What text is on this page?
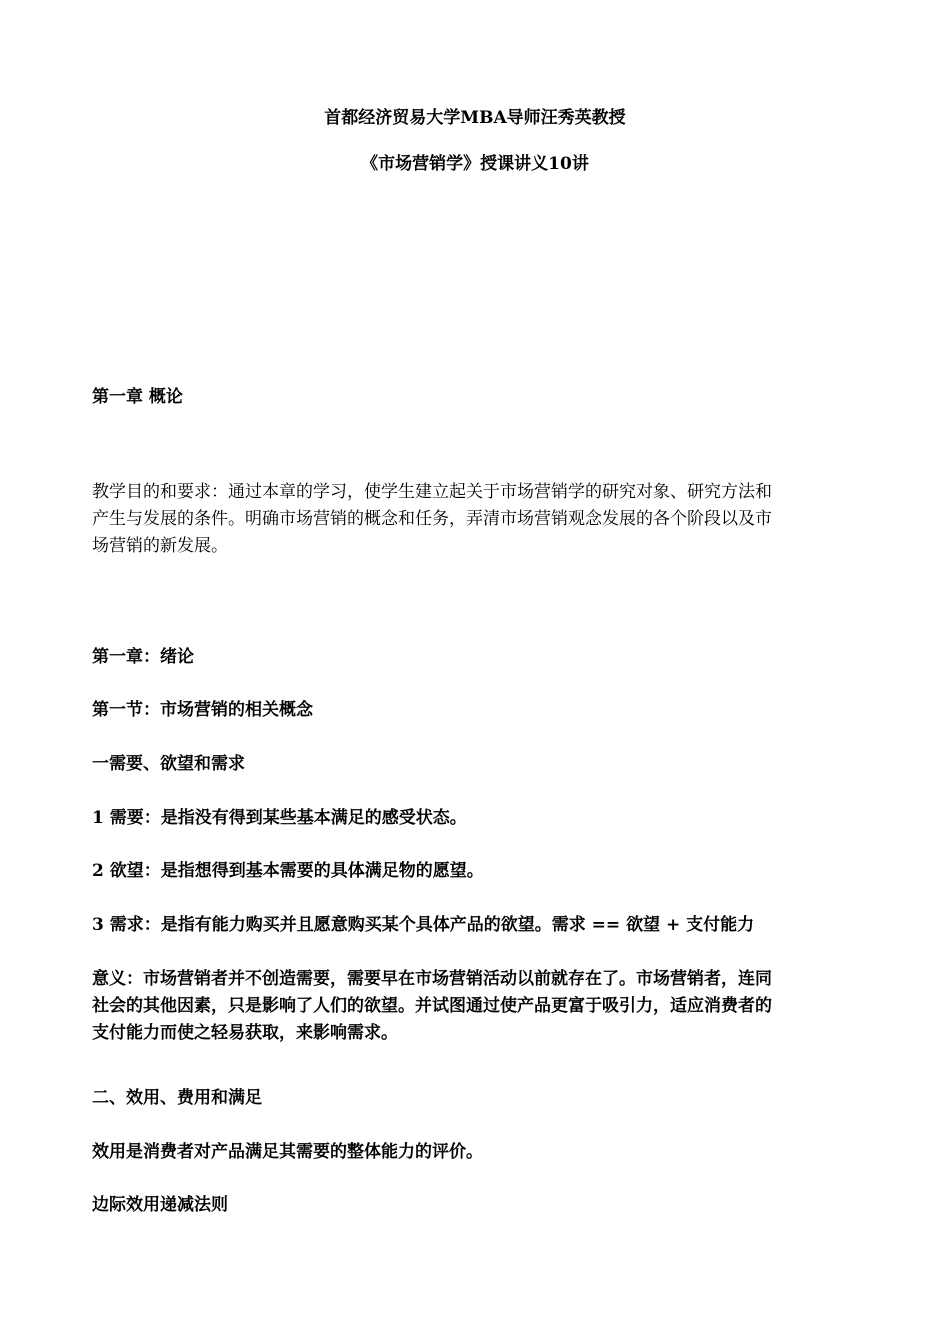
首都经济贸易大学MBA导师汪秀英教授
《市场营销学》授课讲义10讲
第一章 概论
教学目的和要求：通过本章的学习，使学生建立起关于市场营销学的研究对象、研究方法和
产生与发展的条件。明确市场营销的概念和任务，弄清市场营销观念发展的各个阶段以及市
场营销的新发展。
第一章：绪论
第一节：市场营销的相关概念
一需要、欲望和需求
1 需要：是指没有得到某些基本满足的感受状态。
2 欲望：是指想得到基本需要的具体满足物的愿望。
3 需求：是指有能力购买并且愿意购买某个具体产品的欲望。需求 == 欲望 + 支付能力
意义：市场营销者并不创造需要，需要早在市场营销活动以前就存在了。市场营销者，连同
社会的其他因素，只是影响了人们的欲望。并试图通过使产品更富于吸引力，适应消费者的
支付能力而使之轻易获取，来影响需求。
二、效用、费用和满足
效用是消费者对产品满足其需要的整体能力的评价。
边际效用递减法则
